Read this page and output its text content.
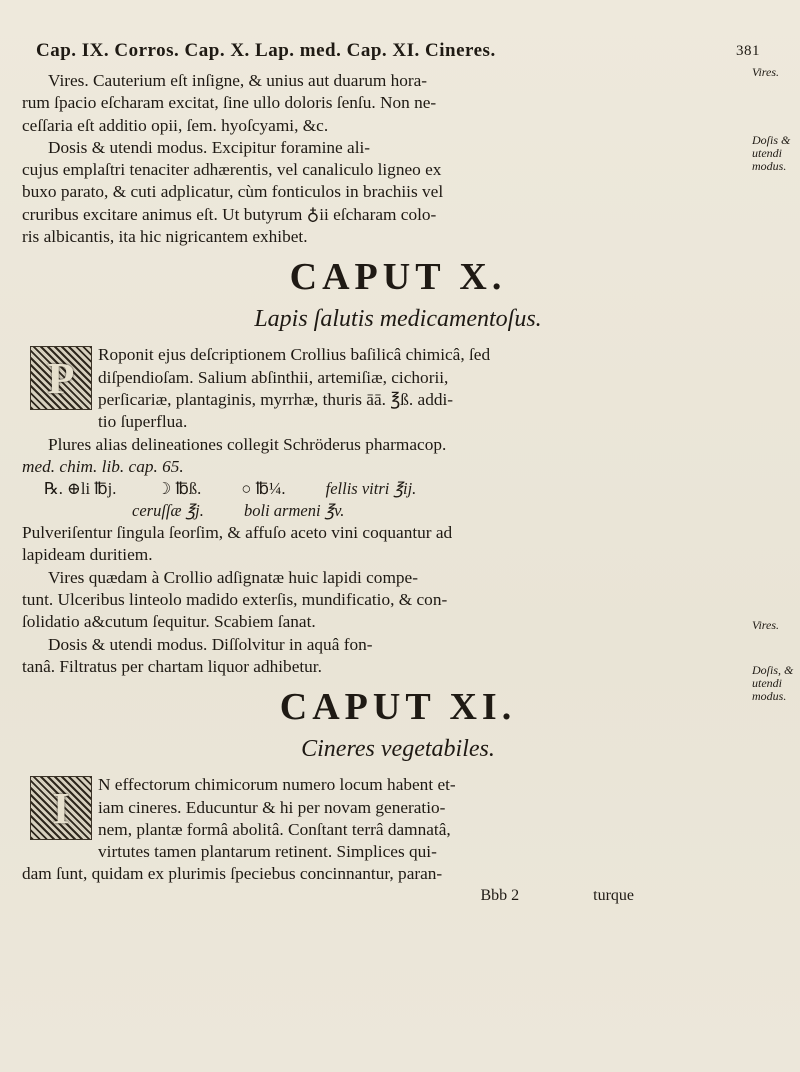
Cap. IX. Corros. Cap. X. Lap. med. Cap. XI. Cineres.	381
Vires. Cauterium eſt inſigne, & unius aut duarum hora-
rum ſpacio eſcharam excitat, ſine ullo doloris ſenſu. Non ne-
ceſſaria eſt additio opii, ſem. hyoſcyami, &c.
Dosis & utendi modus. Excipitur foramine ali-
cujus emplaſtri tenaciter adhærentis, vel canaliculo ligneo ex
buxo parato, & cuti adplicatur, cùm fonticulos in brachiis vel
cruribus excitare animus eſt. Ut butyrum ♁ii eſcharam colo-
ris albicantis, ita hic nigricantem exhibet.
CAPUT X.
Lapis ſalutis medicamentoſus.
P	Roponit ejus deſcriptionem Crollius baſilicâ chimicâ, ſed
diſpendioſam. Salium abſinthii, artemiſiæ, cichorii,
perſicariæ, plantaginis, myrrhæ, thuris āā. ℥ß. addi-
tio ſuperflua.
Plures alias delineationes collegit Schröderus pharmacop.
med. chim. lib. cap. 65.
℞. ⊕li ℔j. ☽ ℔ß. ○ ℔¼. fellis vitri ℥ij.
ceruſſæ ℥j. boli armeni ℥v.
Pulveriſentur ſingula ſeorſim, & affuſo aceto vini coquantur ad
lapideam duritiem.
Vires quædam à Crollio adſignatæ huic lapidi compe-
tunt. Ulceribus linteolo madido exterſis, mundificatio, & con-
ſolidatio a&cutum ſequitur. Scabiem ſanat.
Dosis & utendi modus. Diſſolvitur in aquâ fon-
tanâ. Filtratus per chartam liquor adhibetur.
CAPUT XI.
Cineres vegetabiles.
I	N effectorum chimicorum numero locum habent et-
iam cineres. Educuntur & hi per novam generatio-
nem, plantæ formâ abolitâ. Conſtant terrâ damnatâ,
virtutes tamen plantarum retinent. Simplices qui-
dam ſunt, quidam ex plurimis ſpeciebus concinnantur, paran-
Bbb 2	turque
Vires.
Doſis & utendi modus.
Vires.
Doſis, & utendi modus.
